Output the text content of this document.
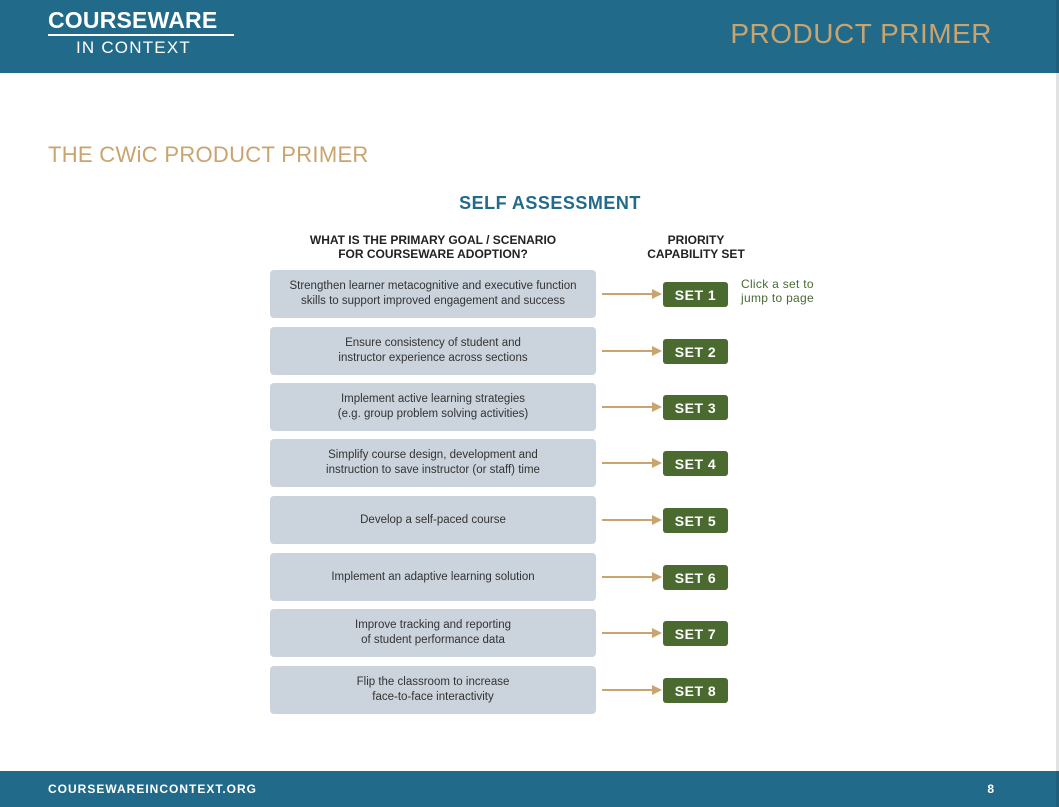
COURSEWARE
IN CONTEXT	PRODUCT PRIMER
THE CWiC PRODUCT PRIMER
SELF ASSESSMENT
WHAT IS THE PRIMARY GOAL / SCENARIO
FOR COURSEWARE ADOPTION?
PRIORITY
CAPABILITY SET
Click a set to
jump to page
Strengthen learner metacognitive and executive function
skills to support improved engagement and success	SET 1
Ensure consistency of student and
instructor experience across sections	SET 2
Implement active learning strategies
(e.g. group problem solving activities)	SET 3
Simplify course design, development and
instruction to save instructor (or staff) time	SET 4
Develop a self-paced course	SET 5
Implement an adaptive learning solution	SET 6
Improve tracking and reporting
of student performance data	SET 7
Flip the classroom to increase
face-to-face interactivity	SET 8
COURSEWAREINCONTEXT.ORG	8
